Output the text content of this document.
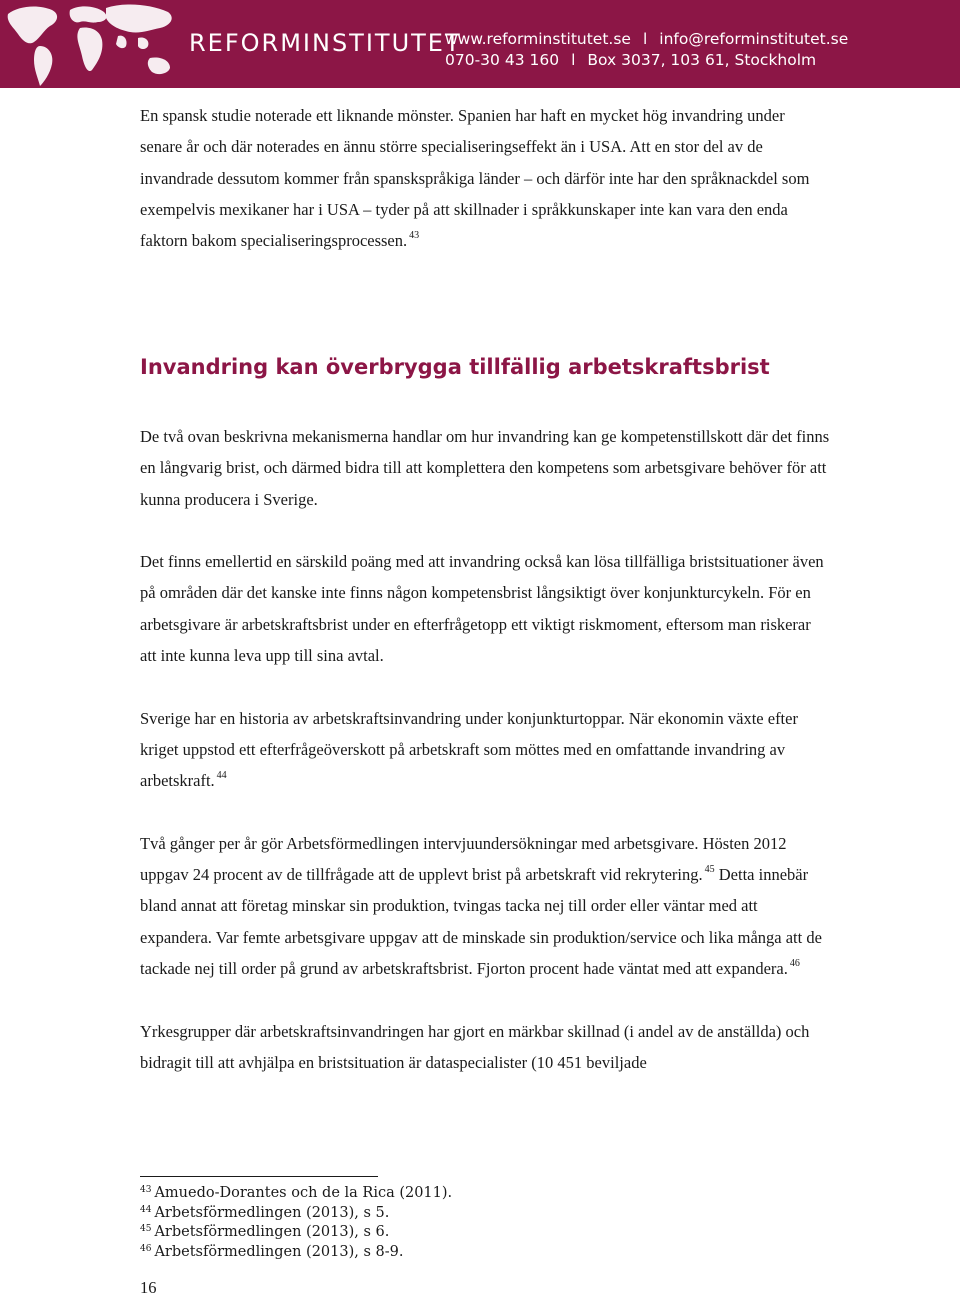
REFORMINSTITUTET
www.reforminstitutet.se l info@reforminstitutet.se
070-30 43 160 l Box 3037, 103 61, Stockholm

En spansk studie noterade ett liknande mönster. Spanien har haft en mycket hög invandring under senare år och där noterades en ännu större specialiseringseffekt än i USA. Att en stor del av de invandrade dessutom kommer från spanskspråkiga länder – och därför inte har den språknackdel som exempelvis mexikaner har i USA – tyder på att skillnader i språkkunskaper inte kan vara den enda faktorn bakom specialiseringsprocessen. $^{43}$

Invandring kan överbrygga tillfällig arbetskraftsbrist

De två ovan beskrivna mekanismerna handlar om hur invandring kan ge kompetenstillskott där det finns en långvarig brist, och därmed bidra till att komplettera den kompetens som arbetsgivare behöver för att kunna producera i Sverige.

Det finns emellertid en särskild poäng med att invandring också kan lösa tillfälliga bristsituationer även på områden där det kanske inte finns någon kompetensbrist långsiktigt över konjunkturcykeln. För en arbetsgivare är arbetskraftsbrist under en efterfrågetopp ett viktigt riskmoment, eftersom man riskerar att inte kunna leva upp till sina avtal.

Sverige har en historia av arbetskraftsinvandring under konjunkturtoppar. När ekonomin växte efter kriget uppstod ett efterfrågeöverskott på arbetskraft som möttes med en omfattande invandring av arbetskraft. $^{44}$

Två gånger per år gör Arbetsförmedlingen intervjuundersökningar med arbetsgivare. Hösten 2012 uppgav 24 procent av de tillfrågade att de upplevt brist på arbetskraft vid rekrytering. $^{45}$ Detta innebär bland annat att företag minskar sin produktion, tvingas tacka nej till order eller väntar med att expandera. Var femte arbetsgivare uppgav att de minskade sin produktion/service och lika många att de tackade nej till order på grund av arbetskraftsbrist. Fjorton procent hade väntat med att expandera. $^{46}$

Yrkesgrupper där arbetskraftsinvandringen har gjort en märkbar skillnad (i andel av de anställda) och bidragit till att avhjälpa en bristsituation är dataspecialister (10 451 beviljade

$^{43}$ Amuedo-Dorantes och de la Rica (2011).
$^{44}$ Arbetsförmedlingen (2013), s 5.
$^{45}$ Arbetsförmedlingen (2013), s 6.
$^{46}$ Arbetsförmedlingen (2013), s 8-9.
16
